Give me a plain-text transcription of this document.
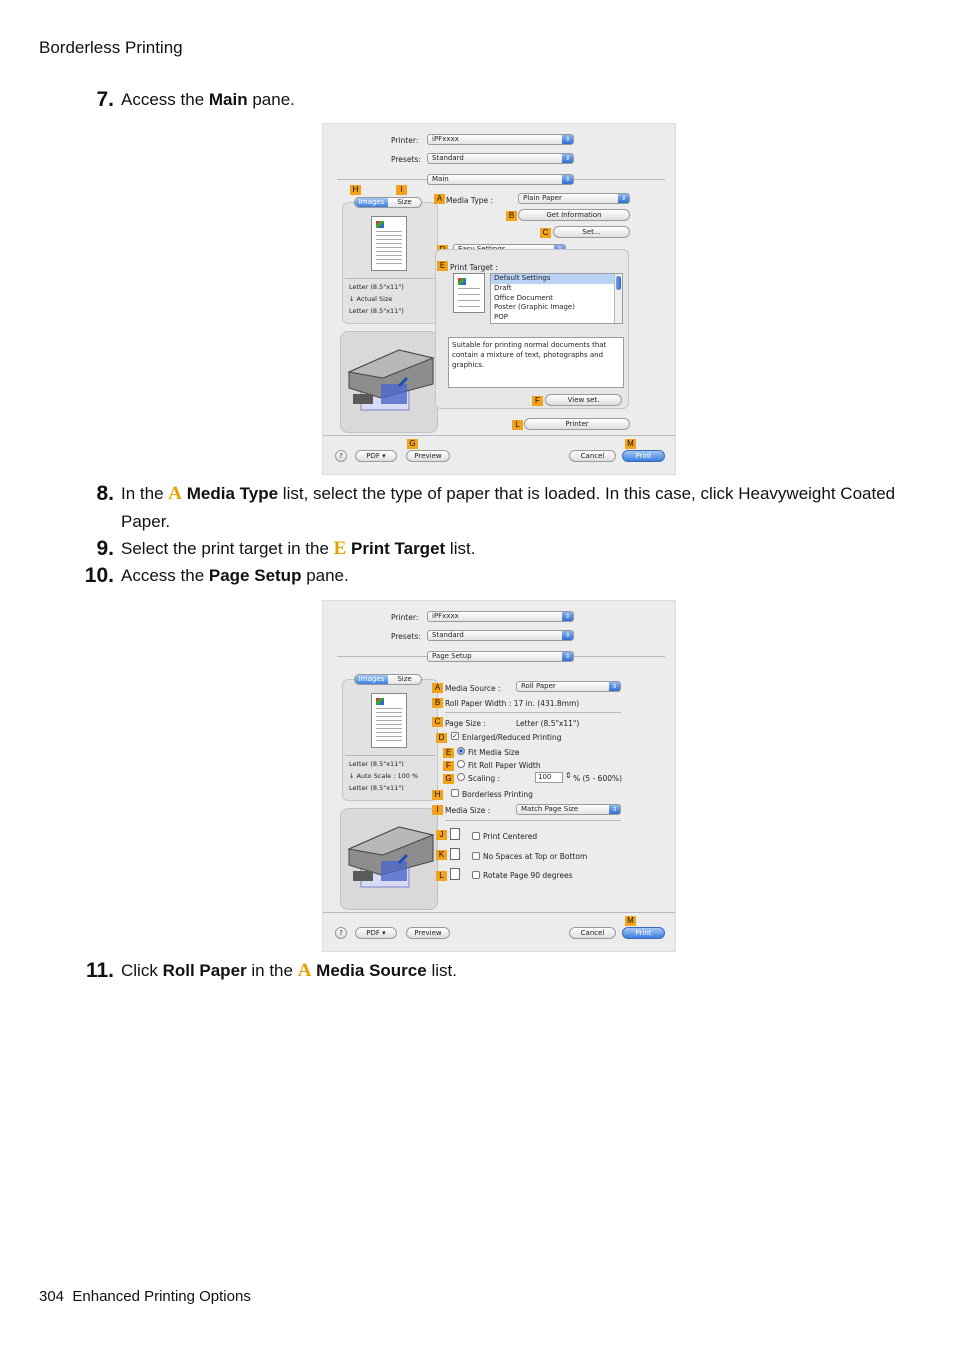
Borderless Printing
7. Access the Main pane.
Printer:	iPFxxxx	⇕
Presets:	Standard	⇕
Main	⇕
H	I
Images	Size
Letter (8.5"x11")
↓ Actual Size
Letter (8.5"x11")
A Media Type :	Plain Paper	⇕
B	Get Information
C	Set...
E Print Target :
Default Settings
Draft
Office Document
Poster (Graphic Image)
POP
Suitable for printing normal documents that contain a mixture of text, photographs and graphics.
F	View set.
L	Printer
G	M
?	PDF ▾	Preview	Cancel	Print
8. In the A Media Type list, select the type of paper that is loaded. In this case, click Heavyweight Coated Paper.
9. Select the print target in the E Print Target list.
10. Access the Page Setup pane.
Printer:	iPFxxxx	⇕
Presets:	Standard	⇕
Page Setup	⇕
Images	Size
Letter (8.5"x11")
↓ Auto Scale : 100 %
Letter (8.5"x11")
A Media Source :	Roll Paper	⇕
B Roll Paper Width : 17 in. (431.8mm)
C Page Size :	Letter (8.5"x11")
D	✓ Enlarged/Reduced Printing
E	Fit Media Size
F	Fit Roll Paper Width
G	Scaling :	100	⇕ % (5 - 600%)
H	Borderless Printing
I Media Size :	Match Page Size	⇕
J	Print Centered
K	No Spaces at Top or Bottom
L	Rotate Page 90 degrees
M
?	PDF ▾	Preview	Cancel	Print
11. Click Roll Paper in the A Media Source list.
304 Enhanced Printing Options
